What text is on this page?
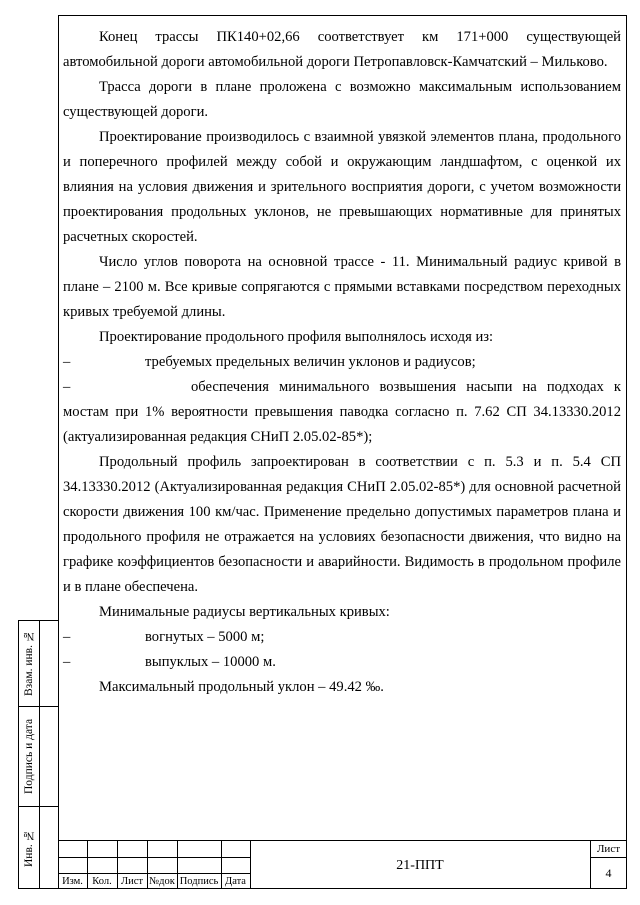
Конец трассы ПК140+02,66 соответствует км 171+000 существующей автомобильной дороги автомобильной дороги Петропавловск-Камчатский – Мильково.

Трасса дороги в плане проложена с возможно максимальным использованием существующей дороги.

Проектирование производилось с взаимной увязкой элементов плана, продольного и поперечного профилей между собой и окружающим ландшафтом, с оценкой их влияния на условия движения и зрительного восприятия дороги, с учетом возможности проектирования продольных уклонов, не превышающих нормативные для принятых расчетных скоростей.

Число углов поворота на основной трассе - 11. Минимальный радиус кривой в плане – 2100 м. Все кривые сопрягаются с прямыми вставками посредством переходных кривых требуемой длины.

Проектирование продольного профиля выполнялось исходя из:

–	требуемых предельных величин уклонов и радиусов;

–	обеспечения минимального возвышения насыпи на подходах к мостам при 1% вероятности превышения паводка согласно п. 7.62 СП 34.13330.2012 (актуализированная редакция СНиП 2.05.02-85*);

Продольный профиль запроектирован в соответствии с п. 5.3 и п. 5.4 СП 34.13330.2012 (Актуализированная редакция СНиП 2.05.02-85*) для основной расчетной скорости движения 100 км/час. Применение предельно допустимых параметров плана и продольного профиля не отражается на условиях безопасности движения, что видно на графике коэффициентов безопасности и аварийности. Видимость в продольном профиле и в плане обеспечена.

Минимальные радиусы вертикальных кривых:

–	вогнутых – 5000 м;
–	выпуклых – 10000 м.

Максимальный продольный уклон – 49.42 ‰.

Взам. инв. №
Подпись и дата
Инв. №
Изм. Кол. Лист №док Подпись Дата
21-ППТ
Лист
4
